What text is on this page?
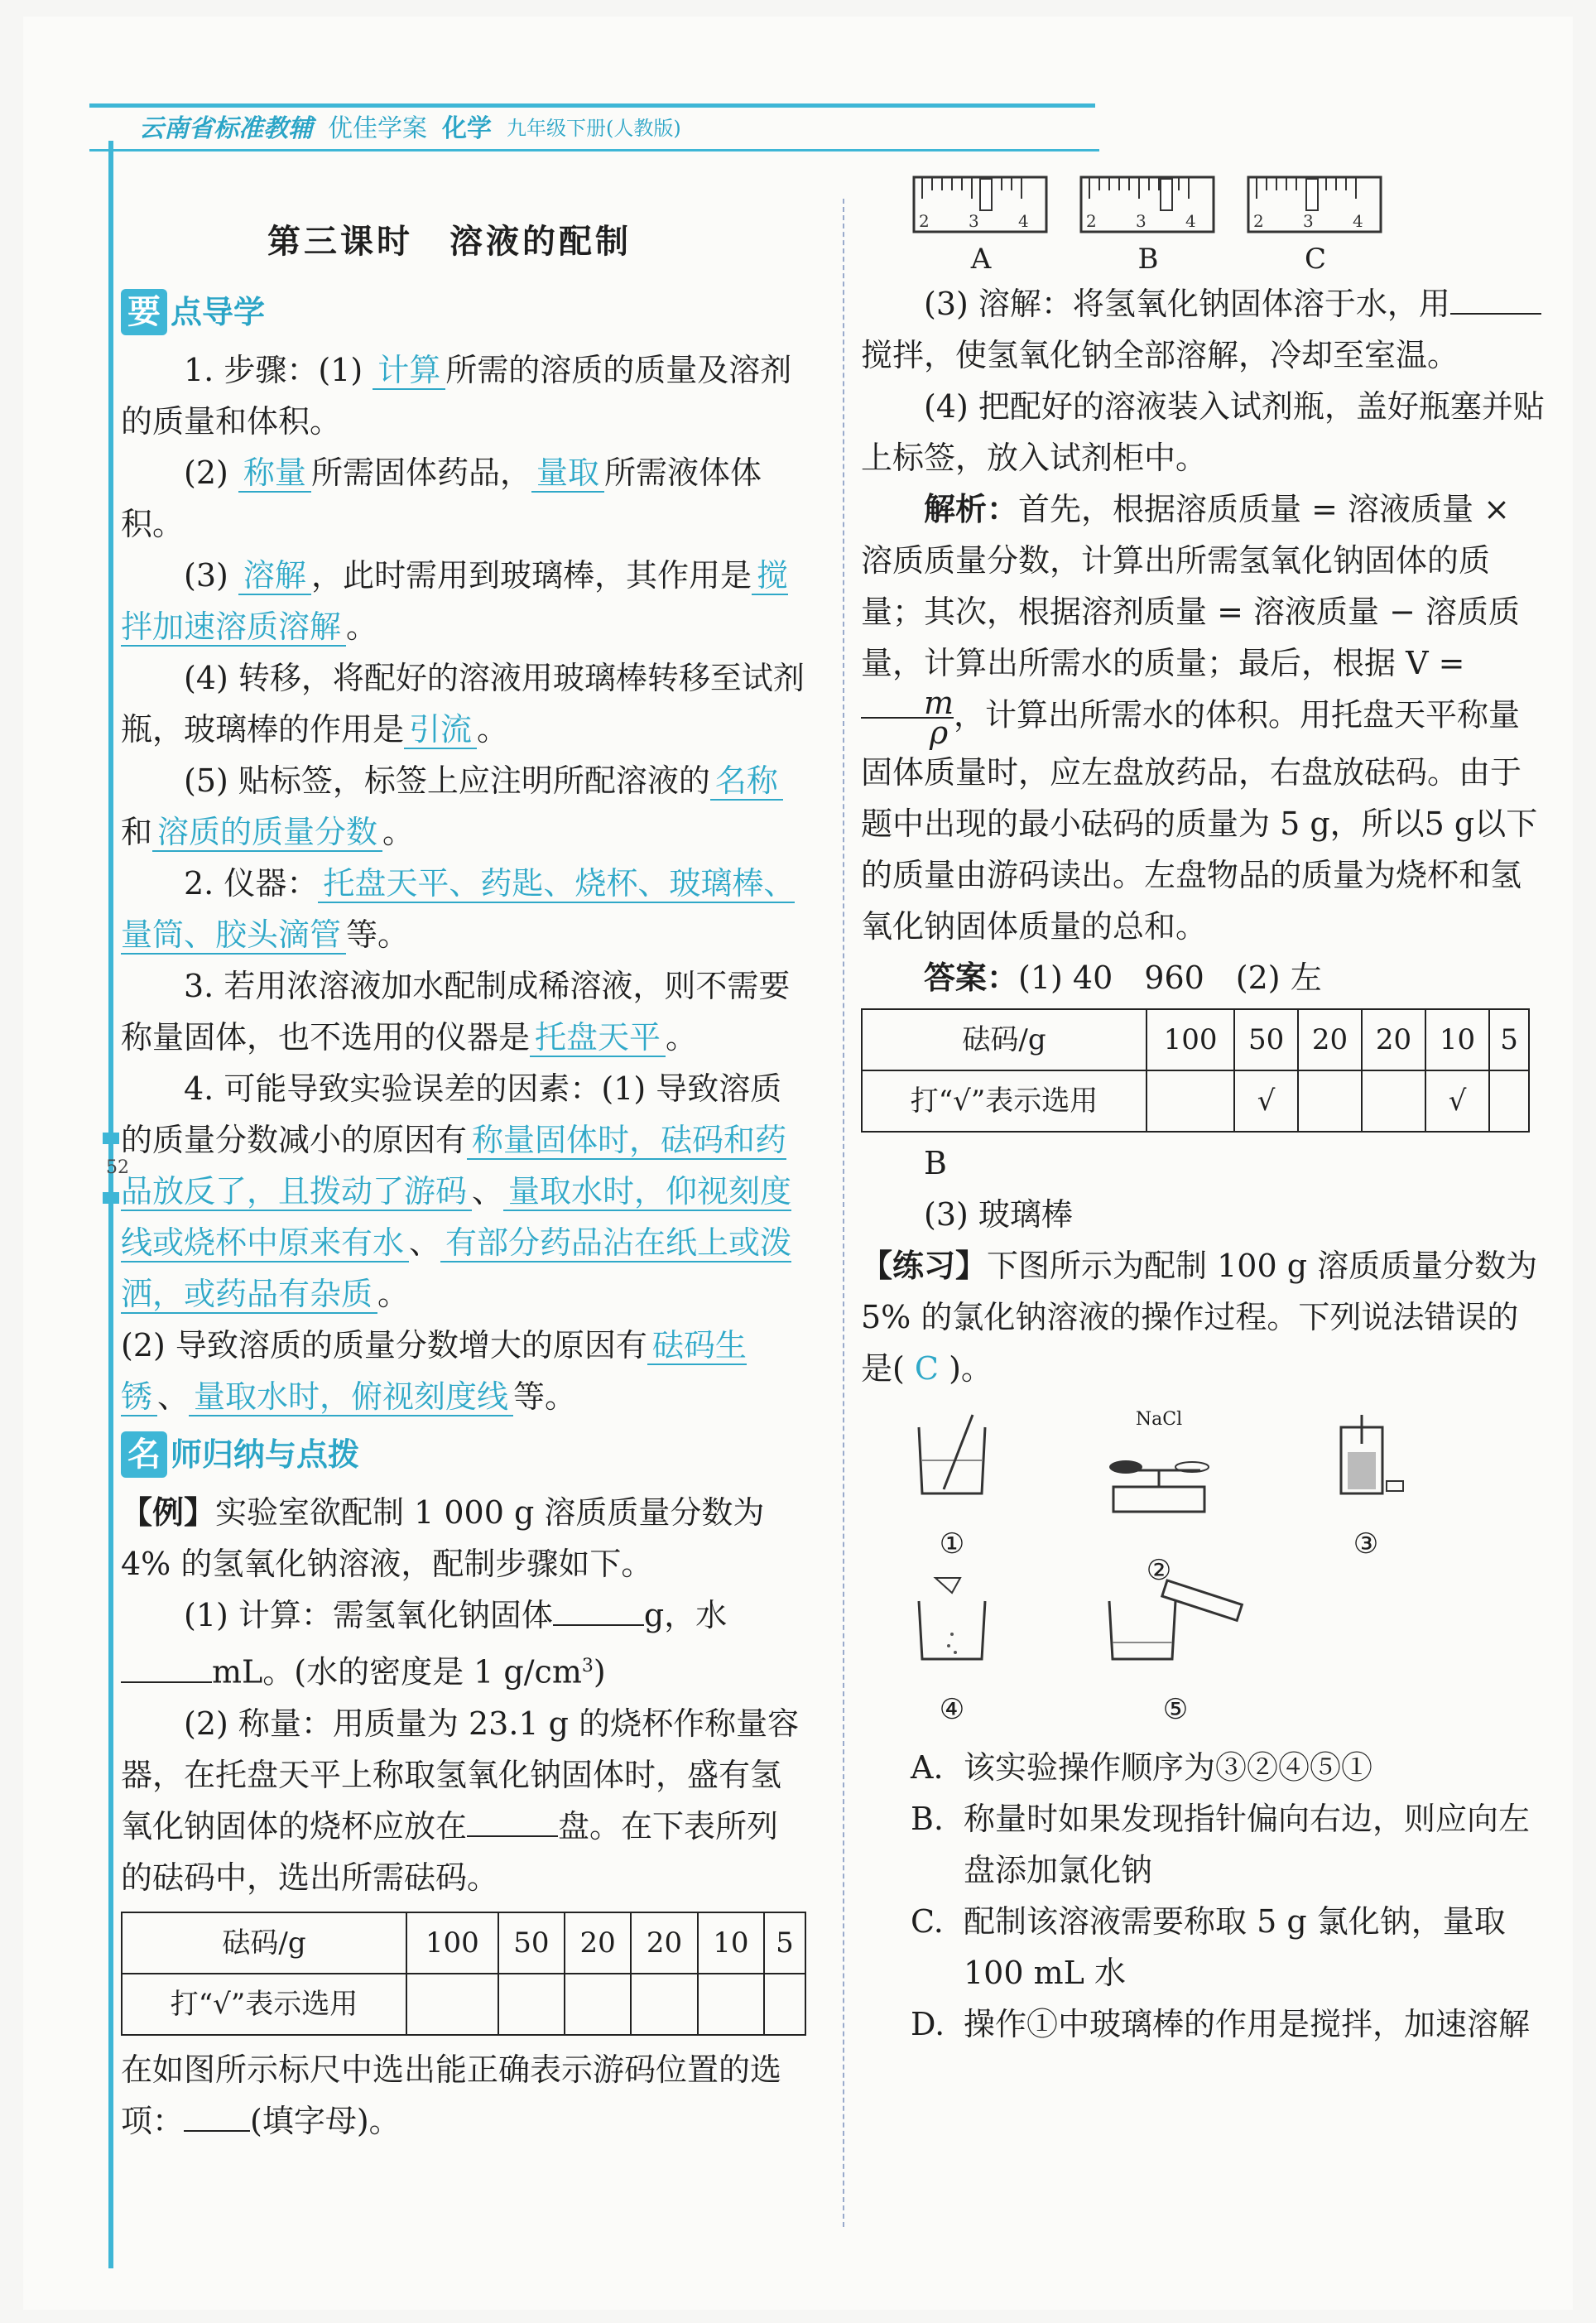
云南省标准教辅 优佳学案 化学 九年级下册(人教版)
52
第三课时　溶液的配制
要 点导学

1. 步骤：(1) 计算 所需的溶质的质量及溶剂的质量和体积。

(2) 称量 所需固体药品， 量取 所需液体体积。

(3) 溶解 ，此时需用到玻璃棒，其作用是 搅拌加速溶质溶解 。

(4) 转移，将配好的溶液用玻璃棒转移至试剂瓶，玻璃棒的作用是 引流 。

(5) 贴标签，标签上应注明所配溶液的 名称和 溶质的质量分数 。

2. 仪器： 托盘天平、药匙、烧杯、玻璃棒、量筒、胶头滴管 等。

3. 若用浓溶液加水配制成稀溶液，则不需要称量固体，也不选用的仪器是 托盘天平 。

4. 可能导致实验误差的因素：(1) 导致溶质的质量分数减小的原因有 称量固体时，砝码和药品放反了，且拨动了游码 、 量取水时，仰视刻度线或烧杯中原来有水 、 有部分药品沾在纸上或泼洒，或药品有杂质 。

(2) 导致溶质的质量分数增大的原因有 砝码生锈 、 量取水时，俯视刻度线 等。

名 师归纳与点拨

【例】实验室欲配制 1 000 g 溶质质量分数为 4% 的氢氧化钠溶液，配制步骤如下。

(1) 计算：需氢氧化钠固体	g，水
mL。(水的密度是 1 $g/cm^3$)

(2) 称量：用质量为 23.1 g 的烧杯作称量容器，在托盘天平上称取氢氧化钠固体时，盛有氢氧化钠固体的烧杯应放在	盘。在下表所列的砝码中，选出所需砝码。

砝码/g	100	50	20	20	10	5
打“√”表示选用						

在如图所示标尺中选出能正确表示游码位置的选项： (填字母)。

2 3 4
A
2 3 4
B
2 3 4
C

(3) 溶解：将氢氧化钠固体溶于水，用搅拌，使氢氧化钠全部溶解，冷却至室温。

(4) 把配好的溶液装入试剂瓶，盖好瓶塞并贴上标签，放入试剂柜中。

解析：首先，根据溶质质量 = 溶液质量 × 溶质质量分数，计算出所需氢氧化钠固体的质量；其次，根据溶剂质量 = 溶液质量 − 溶质质量，计算出所需水的质量；最后，根据 V =
$\frac{m}{\rho}$ ，计算出所需水的体积。用托盘天平称量固体质量时，应左盘放药品，右盘放砝码。由于题中出现的最小砝码的质量为 5 g，所以5 g以下的质量由游码读出。左盘物品的质量为烧杯和氢氧化钠固体质量的总和。

答案：(1) 40　960　(2) 左

砝码/g	100	50	20	20	10	5
打“√”表示选用		√			√	

B

(3) 玻璃棒

【练习】下图所示为配制 100 g 溶质质量分数为 5% 的氯化钠溶液的操作过程。下列说法错误的是( C )。

①
NaCl
②
③
④	⑤
A. 该实验操作顺序为③②④⑤①
B. 称量时如果发现指针偏向右边，则应向左盘添加氯化钠
C. 配制该溶液需要称取 5 g 氯化钠，量取 100 mL 水
D. 操作①中玻璃棒的作用是搅拌，加速溶解
